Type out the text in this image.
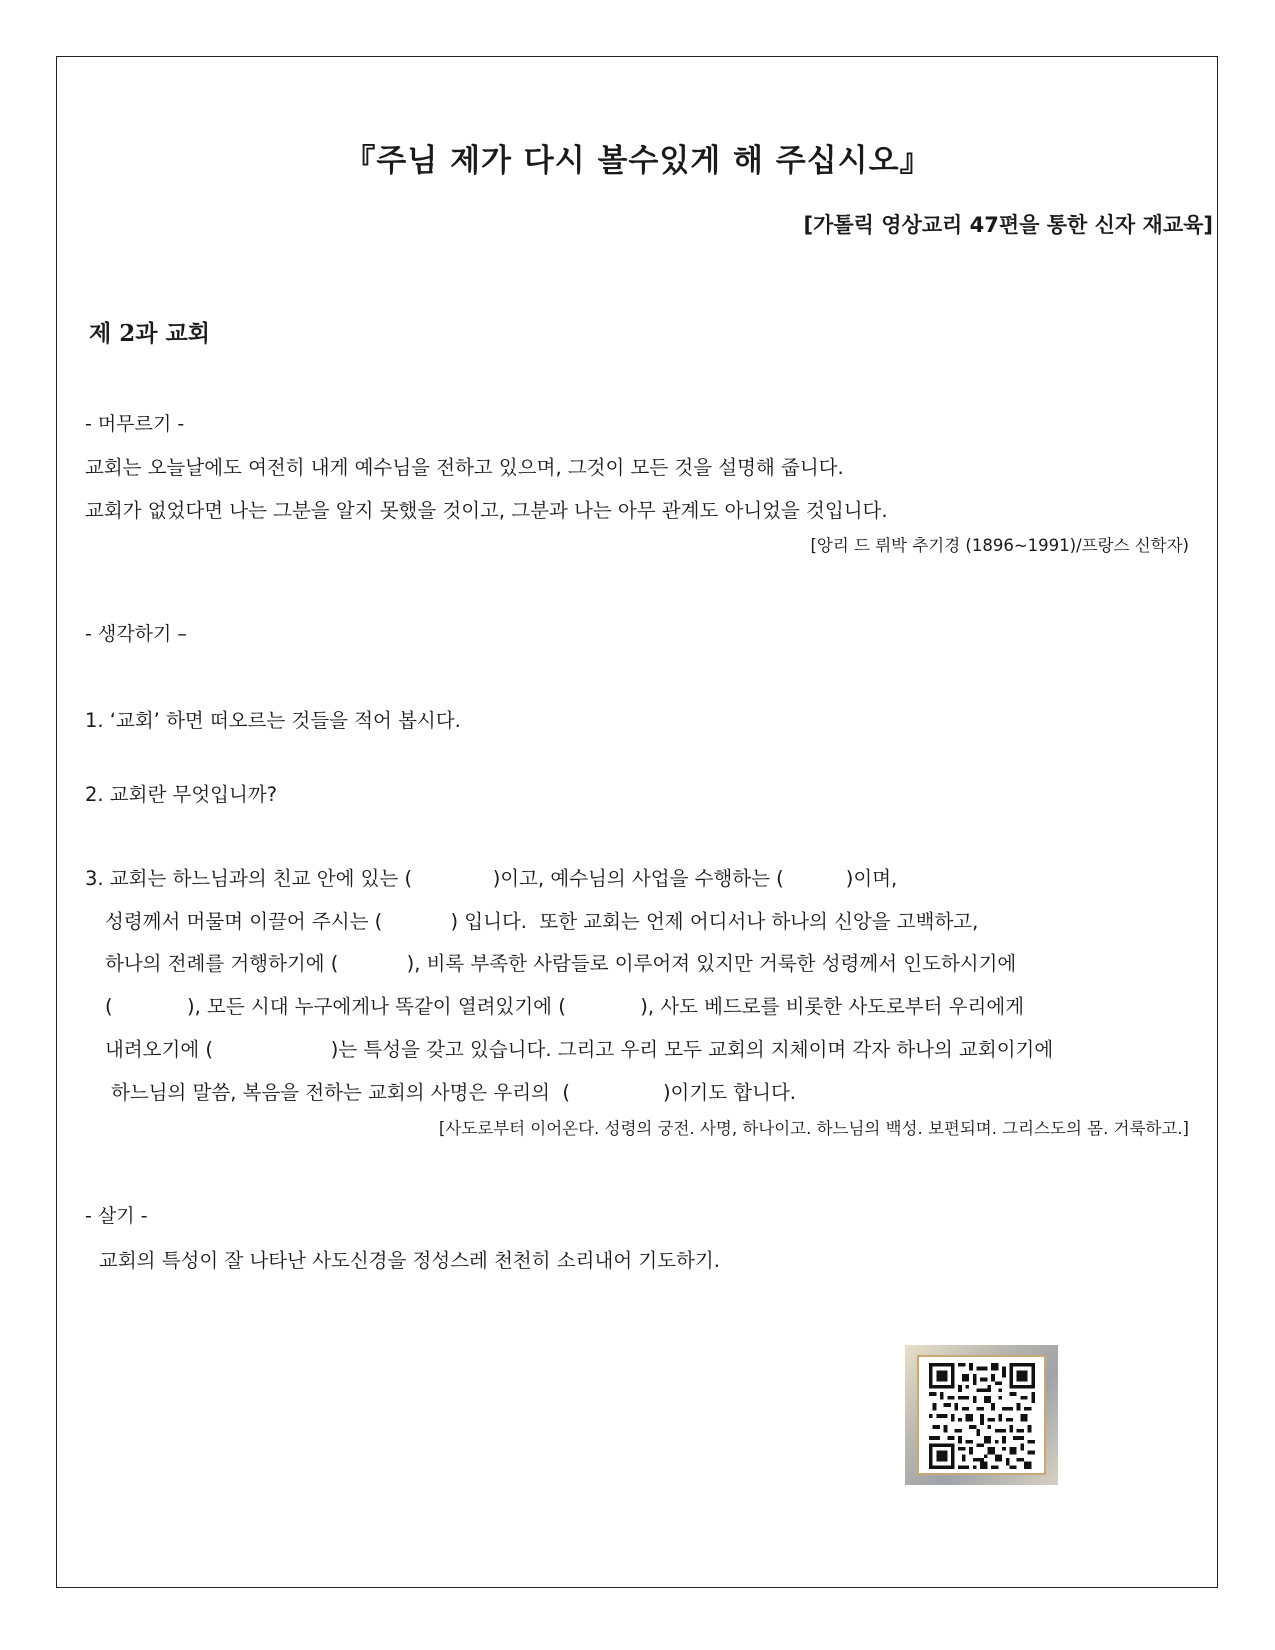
『주님 제가 다시 볼수있게 해 주십시오』
[가톨릭 영상교리 47편을 통한 신자 재교육]
제 2과 교회
- 머무르기 -
교회는 오늘날에도 여전히 내게 예수님을 전하고 있으며, 그것이 모든 것을 설명해 줍니다.
교회가 없었다면 나는 그분을 알지 못했을 것이고, 그분과 나는 아무 관계도 아니었을 것입니다.
[앙리 드 뤼박 추기경 (1896~1991)/프랑스 신학자)
- 생각하기 –
1. ‘교회’ 하면 떠오르는 것들을 적어 봅시다.
2. 교회란 무엇입니까?
3. 교회는 하느님과의 친교 안에 있는 (             )이고, 예수님의 사업을 수행하는 (          )이며,
성령께서 머물며 이끌어 주시는 (           ) 입니다.  또한 교회는 언제 어디서나 하나의 신앙을 고백하고,
하나의 전례를 거행하기에 (           ), 비록 부족한 사람들로 이루어져 있지만 거룩한 성령께서 인도하시기에
(            ), 모든 시대 누구에게나 똑같이 열려있기에 (            ), 사도 베드로를 비롯한 사도로부터 우리에게
내려오기에 (                   )는 특성을 갖고 있습니다. 그리고 우리 모두 교회의 지체이며 각자 하나의 교회이기에
하느님의 말씀, 복음을 전하는 교회의 사명은 우리의  (               )이기도 합니다.
[사도로부터 이어온다. 성령의 궁전. 사명, 하나이고. 하느님의 백성. 보편되며. 그리스도의 몸. 거룩하고.]
- 살기 -
교회의 특성이 잘 나타난 사도신경을 정성스레 천천히 소리내어 기도하기.
